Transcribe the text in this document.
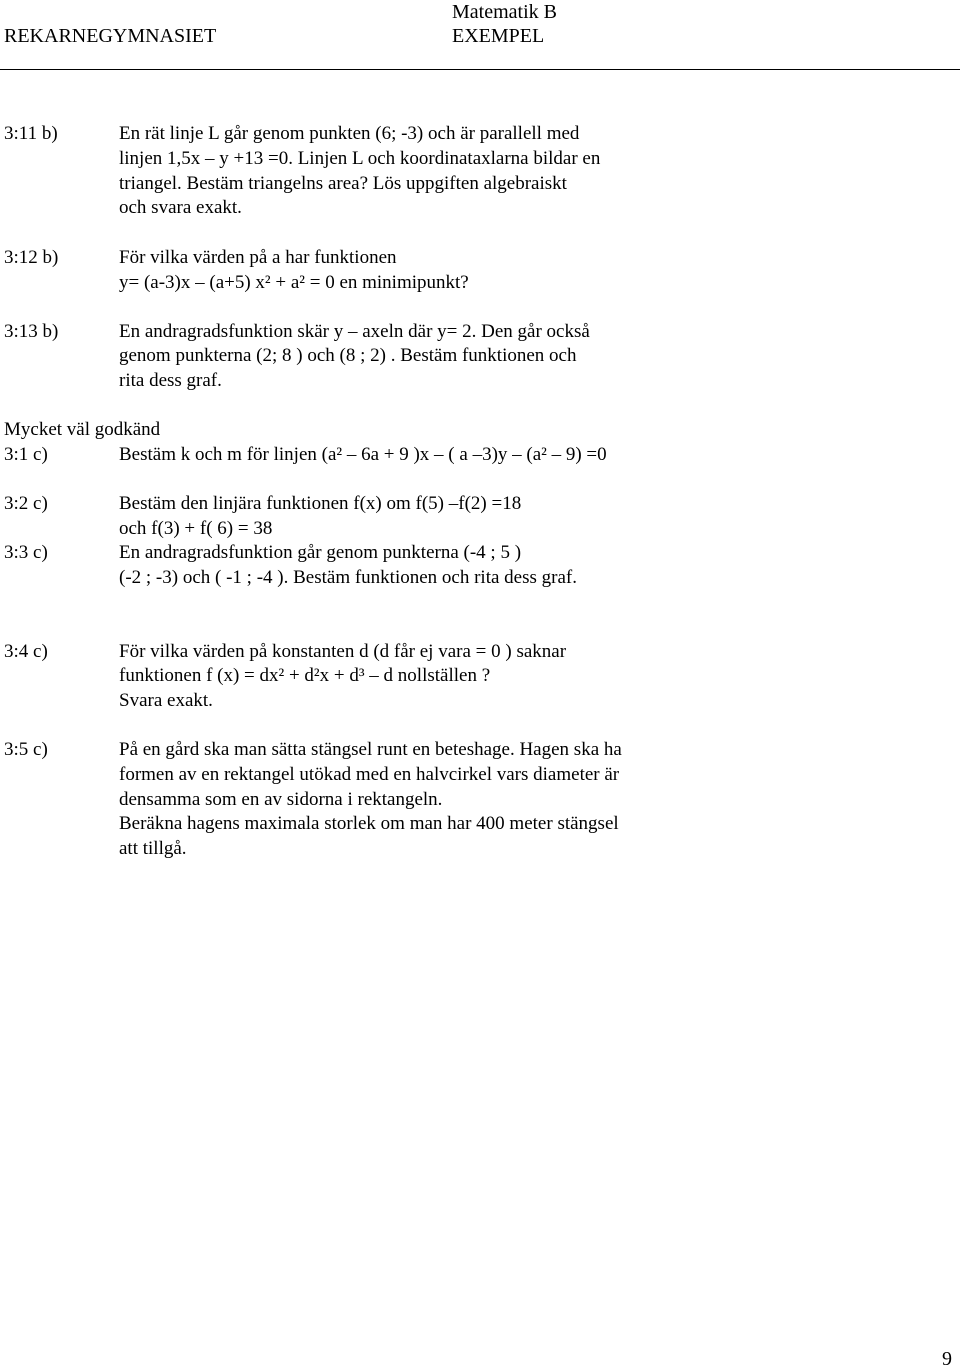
REKARNEGYMNASIET
Matematik B
EXEMPEL
3:11 b)	En rät linje L går genom punkten (6; -3) och är parallell med
linjen 1,5x – y +13 =0. Linjen L och koordinataxlarna bildar en
triangel. Bestäm triangelns area? Lös uppgiften algebraiskt
och svara exakt.
3:12 b)	För vilka värden på a har funktionen
y= (a-3)x – (a+5) x² + a² = 0 en minimipunkt?
3:13 b)	En andragradsfunktion skär y – axeln där y= 2. Den går också
genom punkterna (2; 8 ) och (8 ; 2) . Bestäm funktionen och
rita dess graf.
Mycket väl godkänd
3:1 c)	Bestäm k och m för linjen (a² – 6a + 9 )x – ( a –3)y – (a² – 9) =0
3:2 c)	Bestäm den linjära funktionen f(x) om f(5) –f(2) =18
och f(3) + f( 6) = 38
3:3 c)	En andragradsfunktion går genom punkterna (-4 ; 5 )
(-2 ; -3) och ( -1 ; -4 ). Bestäm funktionen och rita dess graf.
3:4 c)	För vilka värden på konstanten d (d får ej vara = 0 ) saknar
funktionen f (x) = dx² + d²x + d³ – d nollställen ?
Svara exakt.
3:5 c)	På en gård ska man sätta stängsel runt en beteshage. Hagen ska ha
formen av en rektangel utökad med en halvcirkel vars diameter är
densamma som en av sidorna i rektangeln.
Beräkna hagens maximala storlek om man har 400 meter stängsel
att tillgå.
9
